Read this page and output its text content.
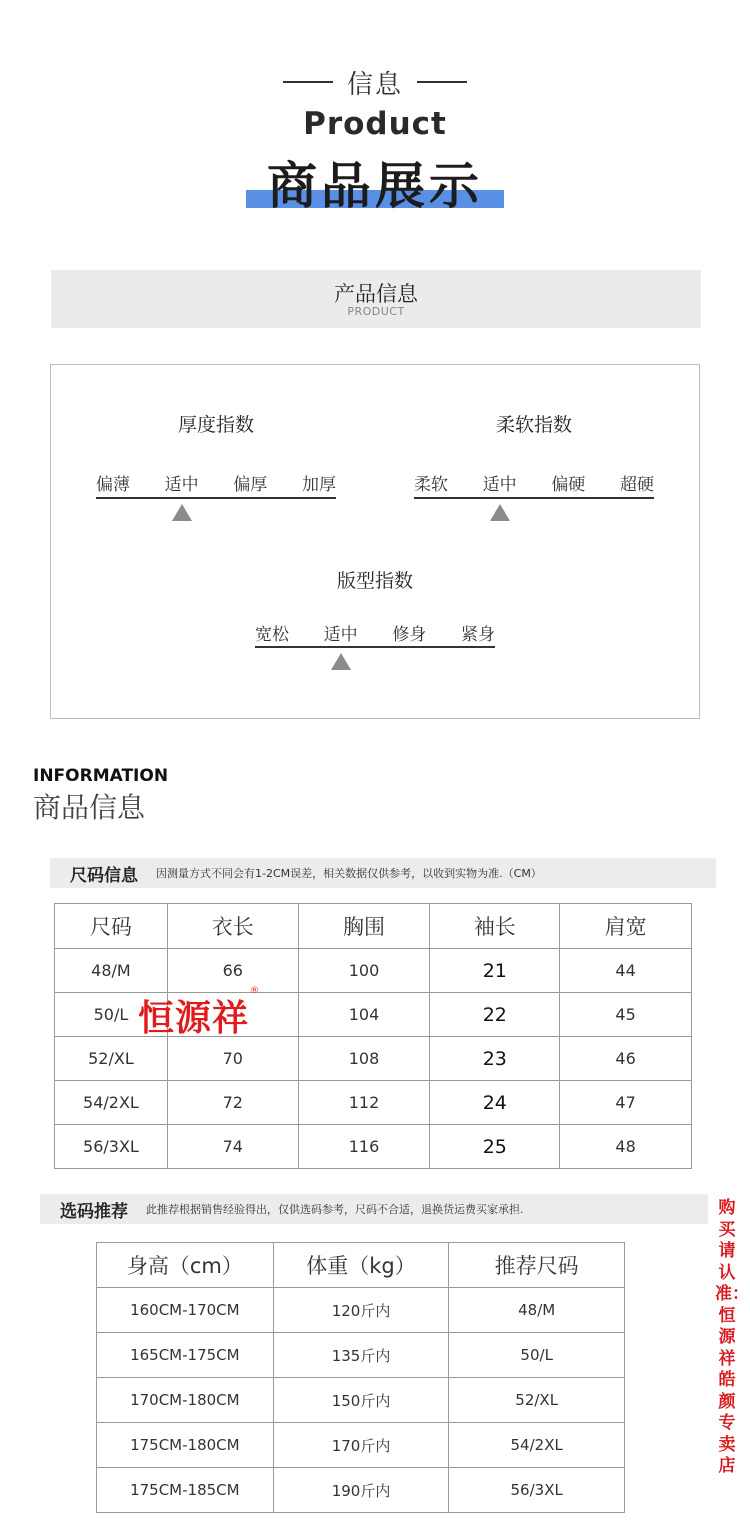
信息
Product
商品展示
产品信息
PRODUCT
厚度指数
偏薄 适中 偏厚 加厚
柔软指数
柔软 适中 偏硬 超硬
版型指数
宽松 适中 修身 紧身
INFORMATION
商品信息
尺码信息 因测量方式不同会有1-2CM误差，相关数据仅供参考，以收到实物为准.（CM）
尺码	衣长	胸围	袖长	肩宽
48/M	66	100	21	44
50/L		104	22	45
52/XL	70	108	23	46
54/2XL	72	112	24	47
56/3XL	74	116	25	48
恒源祥
®
选码推荐 此推荐根据销售经验得出，仅供选码参考，尺码不合适，退换货运费买家承担.
身高（cm）	体重（kg）	推荐尺码
160CM-170CM	120斤内	48/M
165CM-175CM	135斤内	50/L
170CM-180CM	150斤内	52/XL
175CM-180CM	170斤内	54/2XL
175CM-185CM	190斤内	56/3XL
购买请认准：恒源祥皓颜专卖店
